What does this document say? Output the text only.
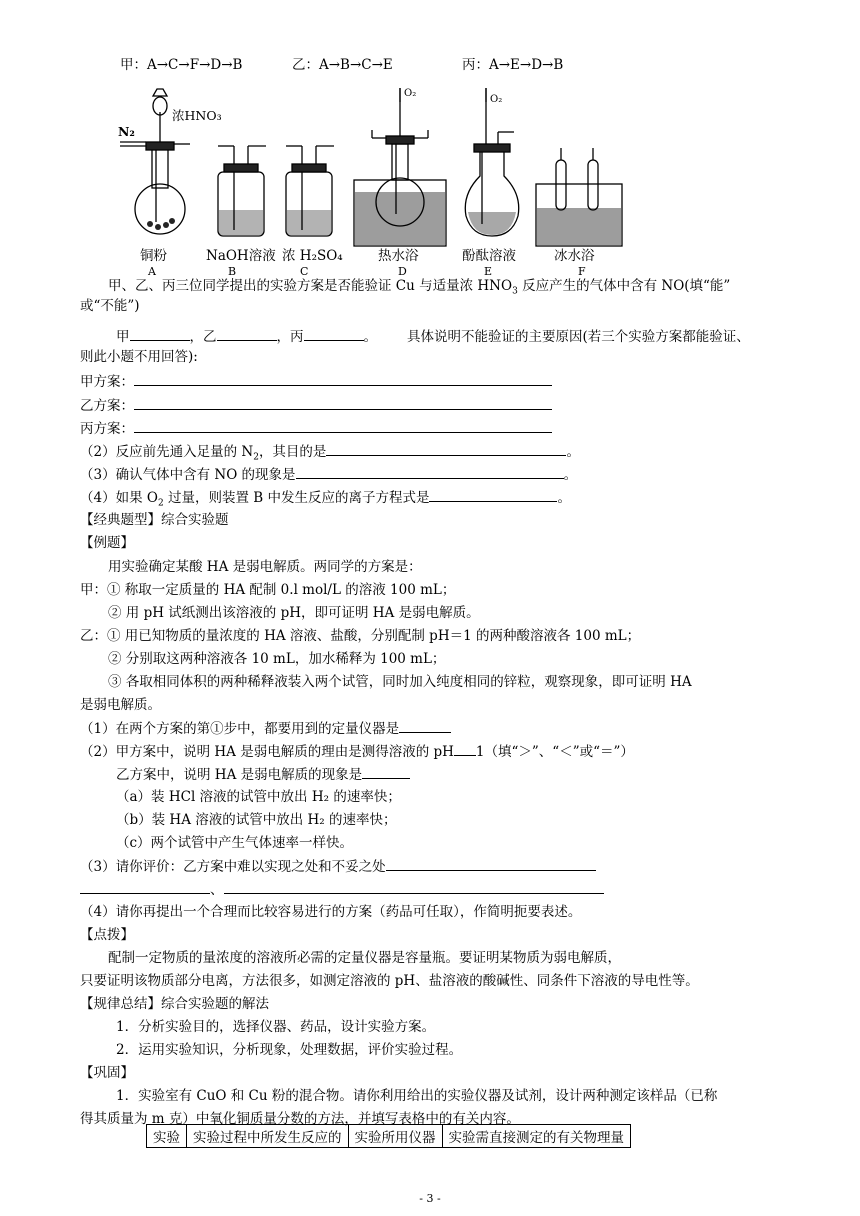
甲：A→C→F→D→B	乙：A→B→C→E	丙：A→E→D→B
N₂
浓HNO₃
O₂
O₂
铜粉	NaOH溶液 浓 H₂SO₄	热水浴	酚酞溶液	冰水浴
A	B	C	D	E	F
甲、乙、丙三位同学提出的实验方案是否能验证 Cu 与适量浓 $HNO_3$ 反应产生的气体中含有 NO(填“能”
或“不能”)
甲	，乙	，丙	。 具体说明不能验证的主要原因(若三个实验方案都能验证、
则此小题不用回答):
甲方案：
乙方案：
丙方案：
（2）反应前先通入足量的 $N_2$，其目的是	。
（3）确认气体中含有 NO 的现象是	。
（4）如果 $O_2$ 过量，则装置 B 中发生反应的离子方程式是	。
【经典题型】综合实验题
【例题】
用实验确定某酸 HA 是弱电解质。两同学的方案是：
甲：① 称取一定质量的 HA 配制 0.l mol/L 的溶液 100 mL；
② 用 pH 试纸测出该溶液的 pH，即可证明 HA 是弱电解质。
乙：① 用已知物质的量浓度的 HA 溶液、盐酸，分别配制 pH＝1 的两种酸溶液各 100 mL；
② 分别取这两种溶液各 10 mL，加水稀释为 100 mL；
③ 各取相同体积的两种稀释液装入两个试管，同时加入纯度相同的锌粒，观察现象，即可证明 HA
是弱电解质。
（1）在两个方案的第①步中，都要用到的定量仪器是
（2）甲方案中，说明 HA 是弱电解质的理由是测得溶液的 pH 1（填“＞”、“＜”或“＝”）
乙方案中，说明 HA 是弱电解质的现象是
（a）装 HCl 溶液的试管中放出 H₂ 的速率快；
（b）装 HA 溶液的试管中放出 H₂ 的速率快；
（c）两个试管中产生气体速率一样快。
（3）请你评价：乙方案中难以实现之处和不妥之处
、
（4）请你再提出一个合理而比较容易进行的方案（药品可任取），作简明扼要表述。
【点拨】
配制一定物质的量浓度的溶液所必需的定量仪器是容量瓶。要证明某物质为弱电解质，
只要证明该物质部分电离，方法很多，如测定溶液的 pH、盐溶液的酸碱性、同条件下溶液的导电性等。
【规律总结】综合实验题的解法
1．分析实验目的，选择仪器、药品，设计实验方案。
2．运用实验知识，分析现象，处理数据，评价实验过程。
【巩固】
1．实验室有 CuO 和 Cu 粉的混合物。请你利用给出的实验仪器及试剂，设计两种测定该样品（已称
得其质量为 m 克）中氧化铜质量分数的方法，并填写表格中的有关内容。
实验	实验过程中所发生反应的	实验所用仪器	实验需直接测定的有关物理量
- 3 -
